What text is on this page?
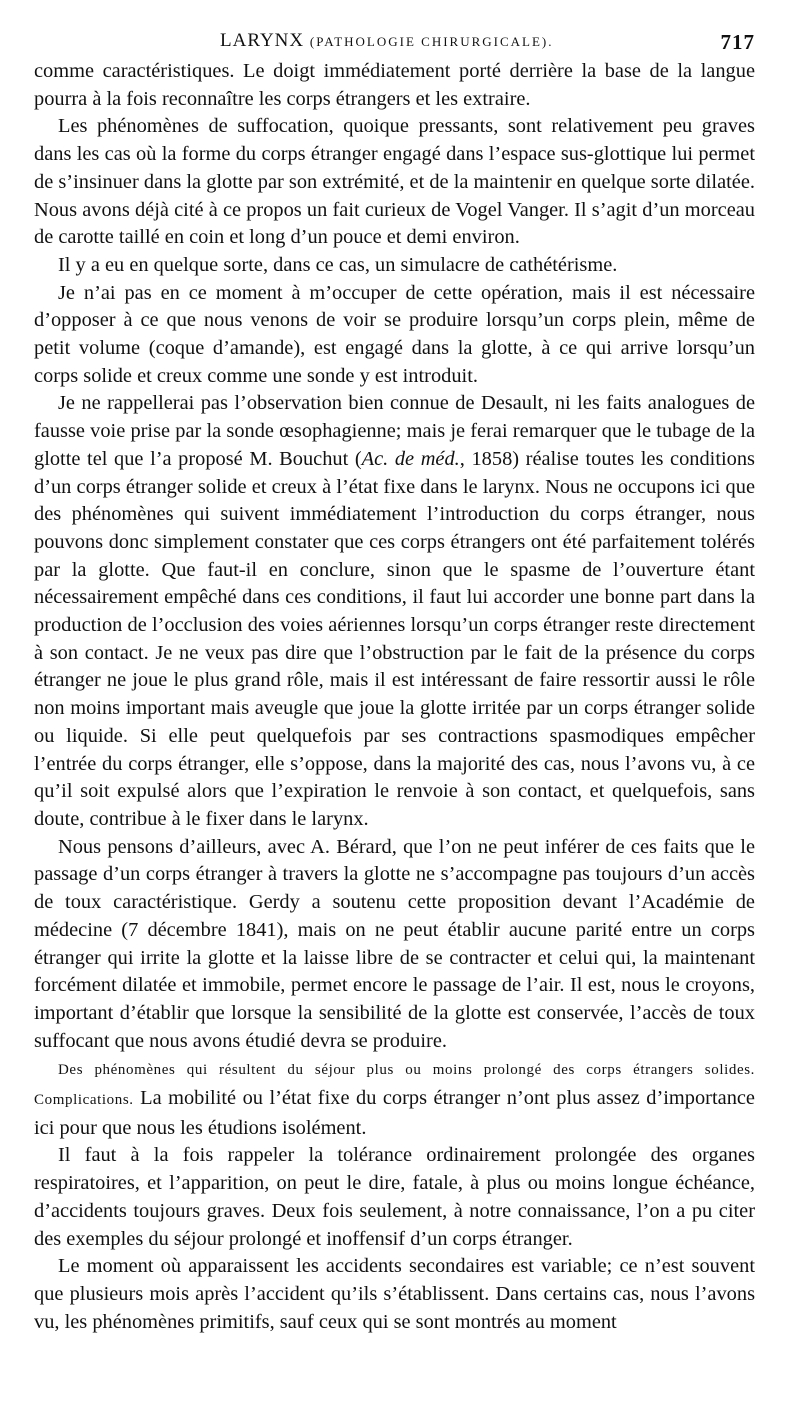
LARYNX (PATHOLOGIE CHIRURGICALE).	717

comme caractéristiques. Le doigt immédiatement porté derrière la base de la langue pourra à la fois reconnaître les corps étrangers et les extraire.

Les phénomènes de suffocation, quoique pressants, sont relativement peu graves dans les cas où la forme du corps étranger engagé dans l’espace sus-glottique lui permet de s’insinuer dans la glotte par son extrémité, et de la maintenir en quelque sorte dilatée. Nous avons déjà cité à ce propos un fait curieux de Vogel Vanger. Il s’agit d’un morceau de carotte taillé en coin et long d’un pouce et demi environ.

Il y a eu en quelque sorte, dans ce cas, un simulacre de cathétérisme.

Je n’ai pas en ce moment à m’occuper de cette opération, mais il est nécessaire d’opposer à ce que nous venons de voir se produire lorsqu’un corps plein, même de petit volume (coque d’amande), est engagé dans la glotte, à ce qui arrive lorsqu’un corps solide et creux comme une sonde y est introduit.

Je ne rappellerai pas l’observation bien connue de Desault, ni les faits analogues de fausse voie prise par la sonde œsophagienne; mais je ferai remarquer que le tubage de la glotte tel que l’a proposé M. Bouchut (Ac. de méd., 1858) réalise toutes les conditions d’un corps étranger solide et creux à l’état fixe dans le larynx. Nous ne occupons ici que des phénomènes qui suivent immédiatement l’introduction du corps étranger, nous pouvons donc simplement constater que ces corps étrangers ont été parfaitement tolérés par la glotte. Que faut-il en conclure, sinon que le spasme de l’ouverture étant nécessairement empêché dans ces conditions, il faut lui accorder une bonne part dans la production de l’occlusion des voies aériennes lorsqu’un corps étranger reste directement à son contact. Je ne veux pas dire que l’obstruction par le fait de la présence du corps étranger ne joue le plus grand rôle, mais il est intéressant de faire ressortir aussi le rôle non moins important mais aveugle que joue la glotte irritée par un corps étranger solide ou liquide. Si elle peut quelquefois par ses contractions spasmodiques empêcher l’entrée du corps étranger, elle s’oppose, dans la majorité des cas, nous l’avons vu, à ce qu’il soit expulsé alors que l’expiration le renvoie à son contact, et quelquefois, sans doute, contribue à le fixer dans le larynx.

Nous pensons d’ailleurs, avec A. Bérard, que l’on ne peut inférer de ces faits que le passage d’un corps étranger à travers la glotte ne s’accompagne pas toujours d’un accès de toux caractéristique. Gerdy a soutenu cette proposition devant l’Académie de médecine (7 décembre 1841), mais on ne peut établir aucune parité entre un corps étranger qui irrite la glotte et la laisse libre de se contracter et celui qui, la maintenant forcément dilatée et immobile, permet encore le passage de l’air. Il est, nous le croyons, important d’établir que lorsque la sensibilité de la glotte est conservée, l’accès de toux suffocant que nous avons étudié devra se produire.

Des phénomènes qui résultent du séjour plus ou moins prolongé des corps étrangers solides. Complications. La mobilité ou l’état fixe du corps étranger n’ont plus assez d’importance ici pour que nous les étudions isolément.

Il faut à la fois rappeler la tolérance ordinairement prolongée des organes respiratoires, et l’apparition, on peut le dire, fatale, à plus ou moins longue échéance, d’accidents toujours graves. Deux fois seulement, à notre connaissance, l’on a pu citer des exemples du séjour prolongé et inoffensif d’un corps étranger.

Le moment où apparaissent les accidents secondaires est variable; ce n’est souvent que plusieurs mois après l’accident qu’ils s’établissent. Dans certains cas, nous l’avons vu, les phénomènes primitifs, sauf ceux qui se sont montrés au moment
